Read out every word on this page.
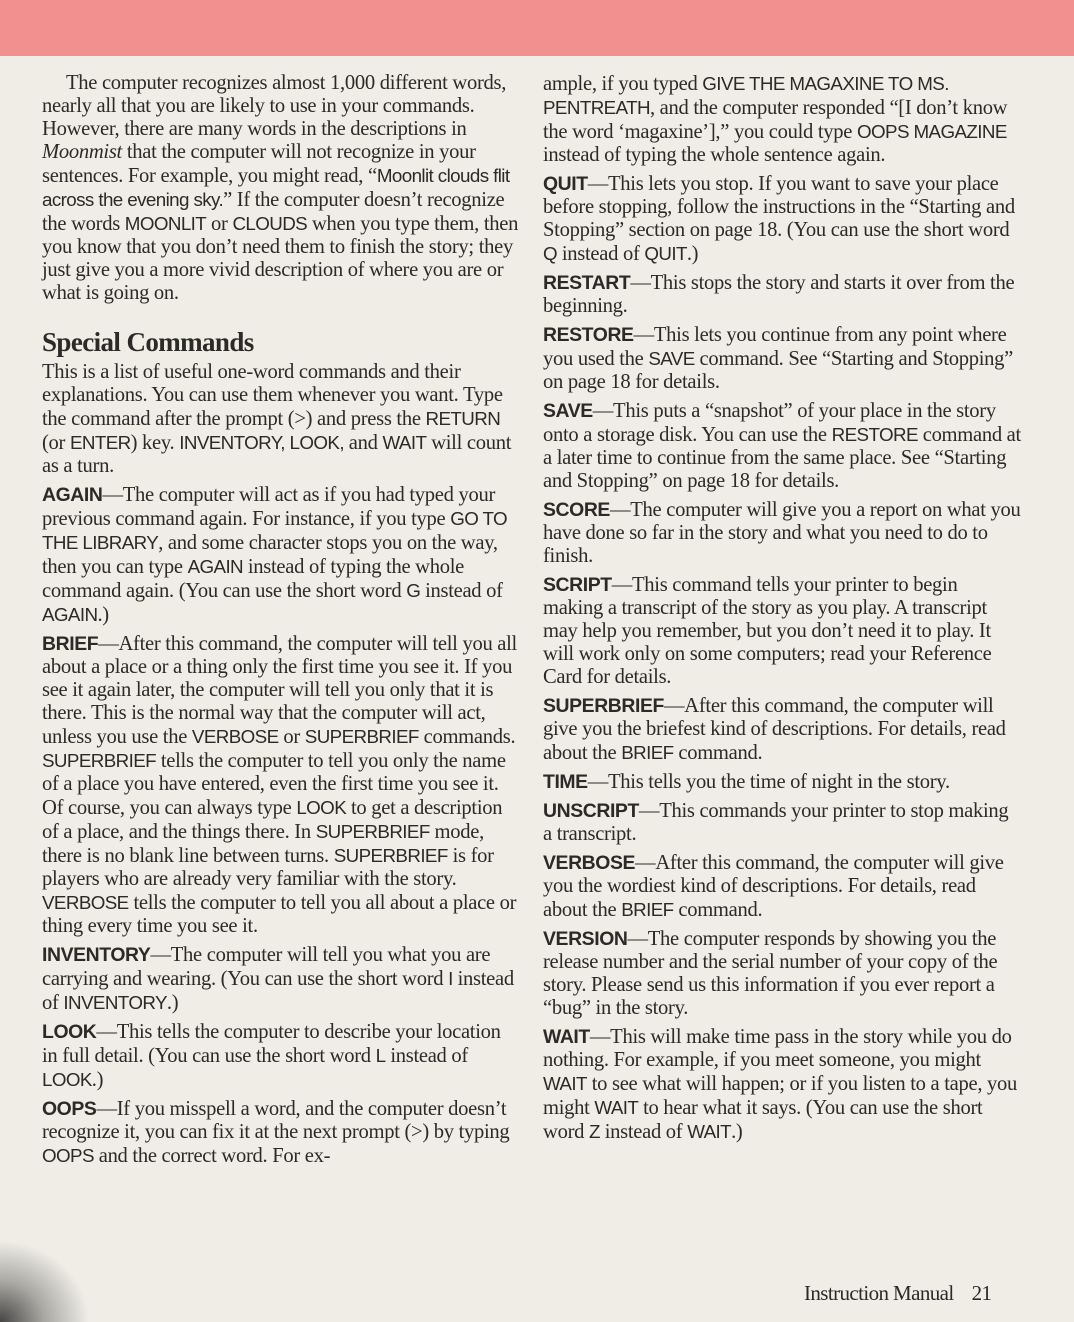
The computer recognizes almost 1,000 different words, nearly all that you are likely to use in your commands. However, there are many words in the descriptions in Moonmist that the computer will not recognize in your sentences. For example, you might read, “Moonlit clouds flit across the evening sky.” If the computer doesn’t recognize the words MOONLIT or CLOUDS when you type them, then you know that you don’t need them to finish the story; they just give you a more vivid description of where you are or what is going on.

Special Commands

This is a list of useful one-word commands and their explanations. You can use them whenever you want. Type the command after the prompt (>) and press the RETURN (or ENTER) key. INVENTORY, LOOK, and WAIT will count as a turn.

AGAIN—The computer will act as if you had typed your previous command again. For instance, if you type GO TO THE LIBRARY, and some character stops you on the way, then you can type AGAIN instead of typing the whole command again. (You can use the short word G instead of AGAIN.)

BRIEF—After this command, the computer will tell you all about a place or a thing only the first time you see it. If you see it again later, the computer will tell you only that it is there. This is the normal way that the computer will act, unless you use the VERBOSE or SUPERBRIEF commands. SUPERBRIEF tells the computer to tell you only the name of a place you have entered, even the first time you see it. Of course, you can always type LOOK to get a description of a place, and the things there. In SUPERBRIEF mode, there is no blank line between turns. SUPERBRIEF is for players who are already very familiar with the story. VERBOSE tells the computer to tell you all about a place or thing every time you see it.

INVENTORY—The computer will tell you what you are carrying and wearing. (You can use the short word I instead of INVENTORY.)

LOOK—This tells the computer to describe your location in full detail. (You can use the short word L instead of LOOK.)

OOPS—If you misspell a word, and the computer doesn’t recognize it, you can fix it at the next prompt (>) by typing OOPS and the correct word. For ex-

ample, if you typed GIVE THE MAGAXINE TO MS. PENTREATH, and the computer responded “[I don’t know the word ‘magaxine’],” you could type OOPS MAGAZINE instead of typing the whole sentence again.

QUIT—This lets you stop. If you want to save your place before stopping, follow the instructions in the “Starting and Stopping” section on page 18. (You can use the short word Q instead of QUIT.)

RESTART—This stops the story and starts it over from the beginning.

RESTORE—This lets you continue from any point where you used the SAVE command. See “Starting and Stopping” on page 18 for details.

SAVE—This puts a “snapshot” of your place in the story onto a storage disk. You can use the RESTORE command at a later time to continue from the same place. See “Starting and Stopping” on page 18 for details.

SCORE—The computer will give you a report on what you have done so far in the story and what you need to do to finish.

SCRIPT—This command tells your printer to begin making a transcript of the story as you play. A transcript may help you remember, but you don’t need it to play. It will work only on some computers; read your Reference Card for details.

SUPERBRIEF—After this command, the computer will give you the briefest kind of descriptions. For details, read about the BRIEF command.

TIME—This tells you the time of night in the story.

UNSCRIPT—This commands your printer to stop making a transcript.

VERBOSE—After this command, the computer will give you the wordiest kind of descriptions. For details, read about the BRIEF command.

VERSION—The computer responds by showing you the release number and the serial number of your copy of the story. Please send us this information if you ever report a “bug” in the story.

WAIT—This will make time pass in the story while you do nothing. For example, if you meet someone, you might WAIT to see what will happen; or if you listen to a tape, you might WAIT to hear what it says. (You can use the short word Z instead of WAIT.)

Instruction Manual 21
